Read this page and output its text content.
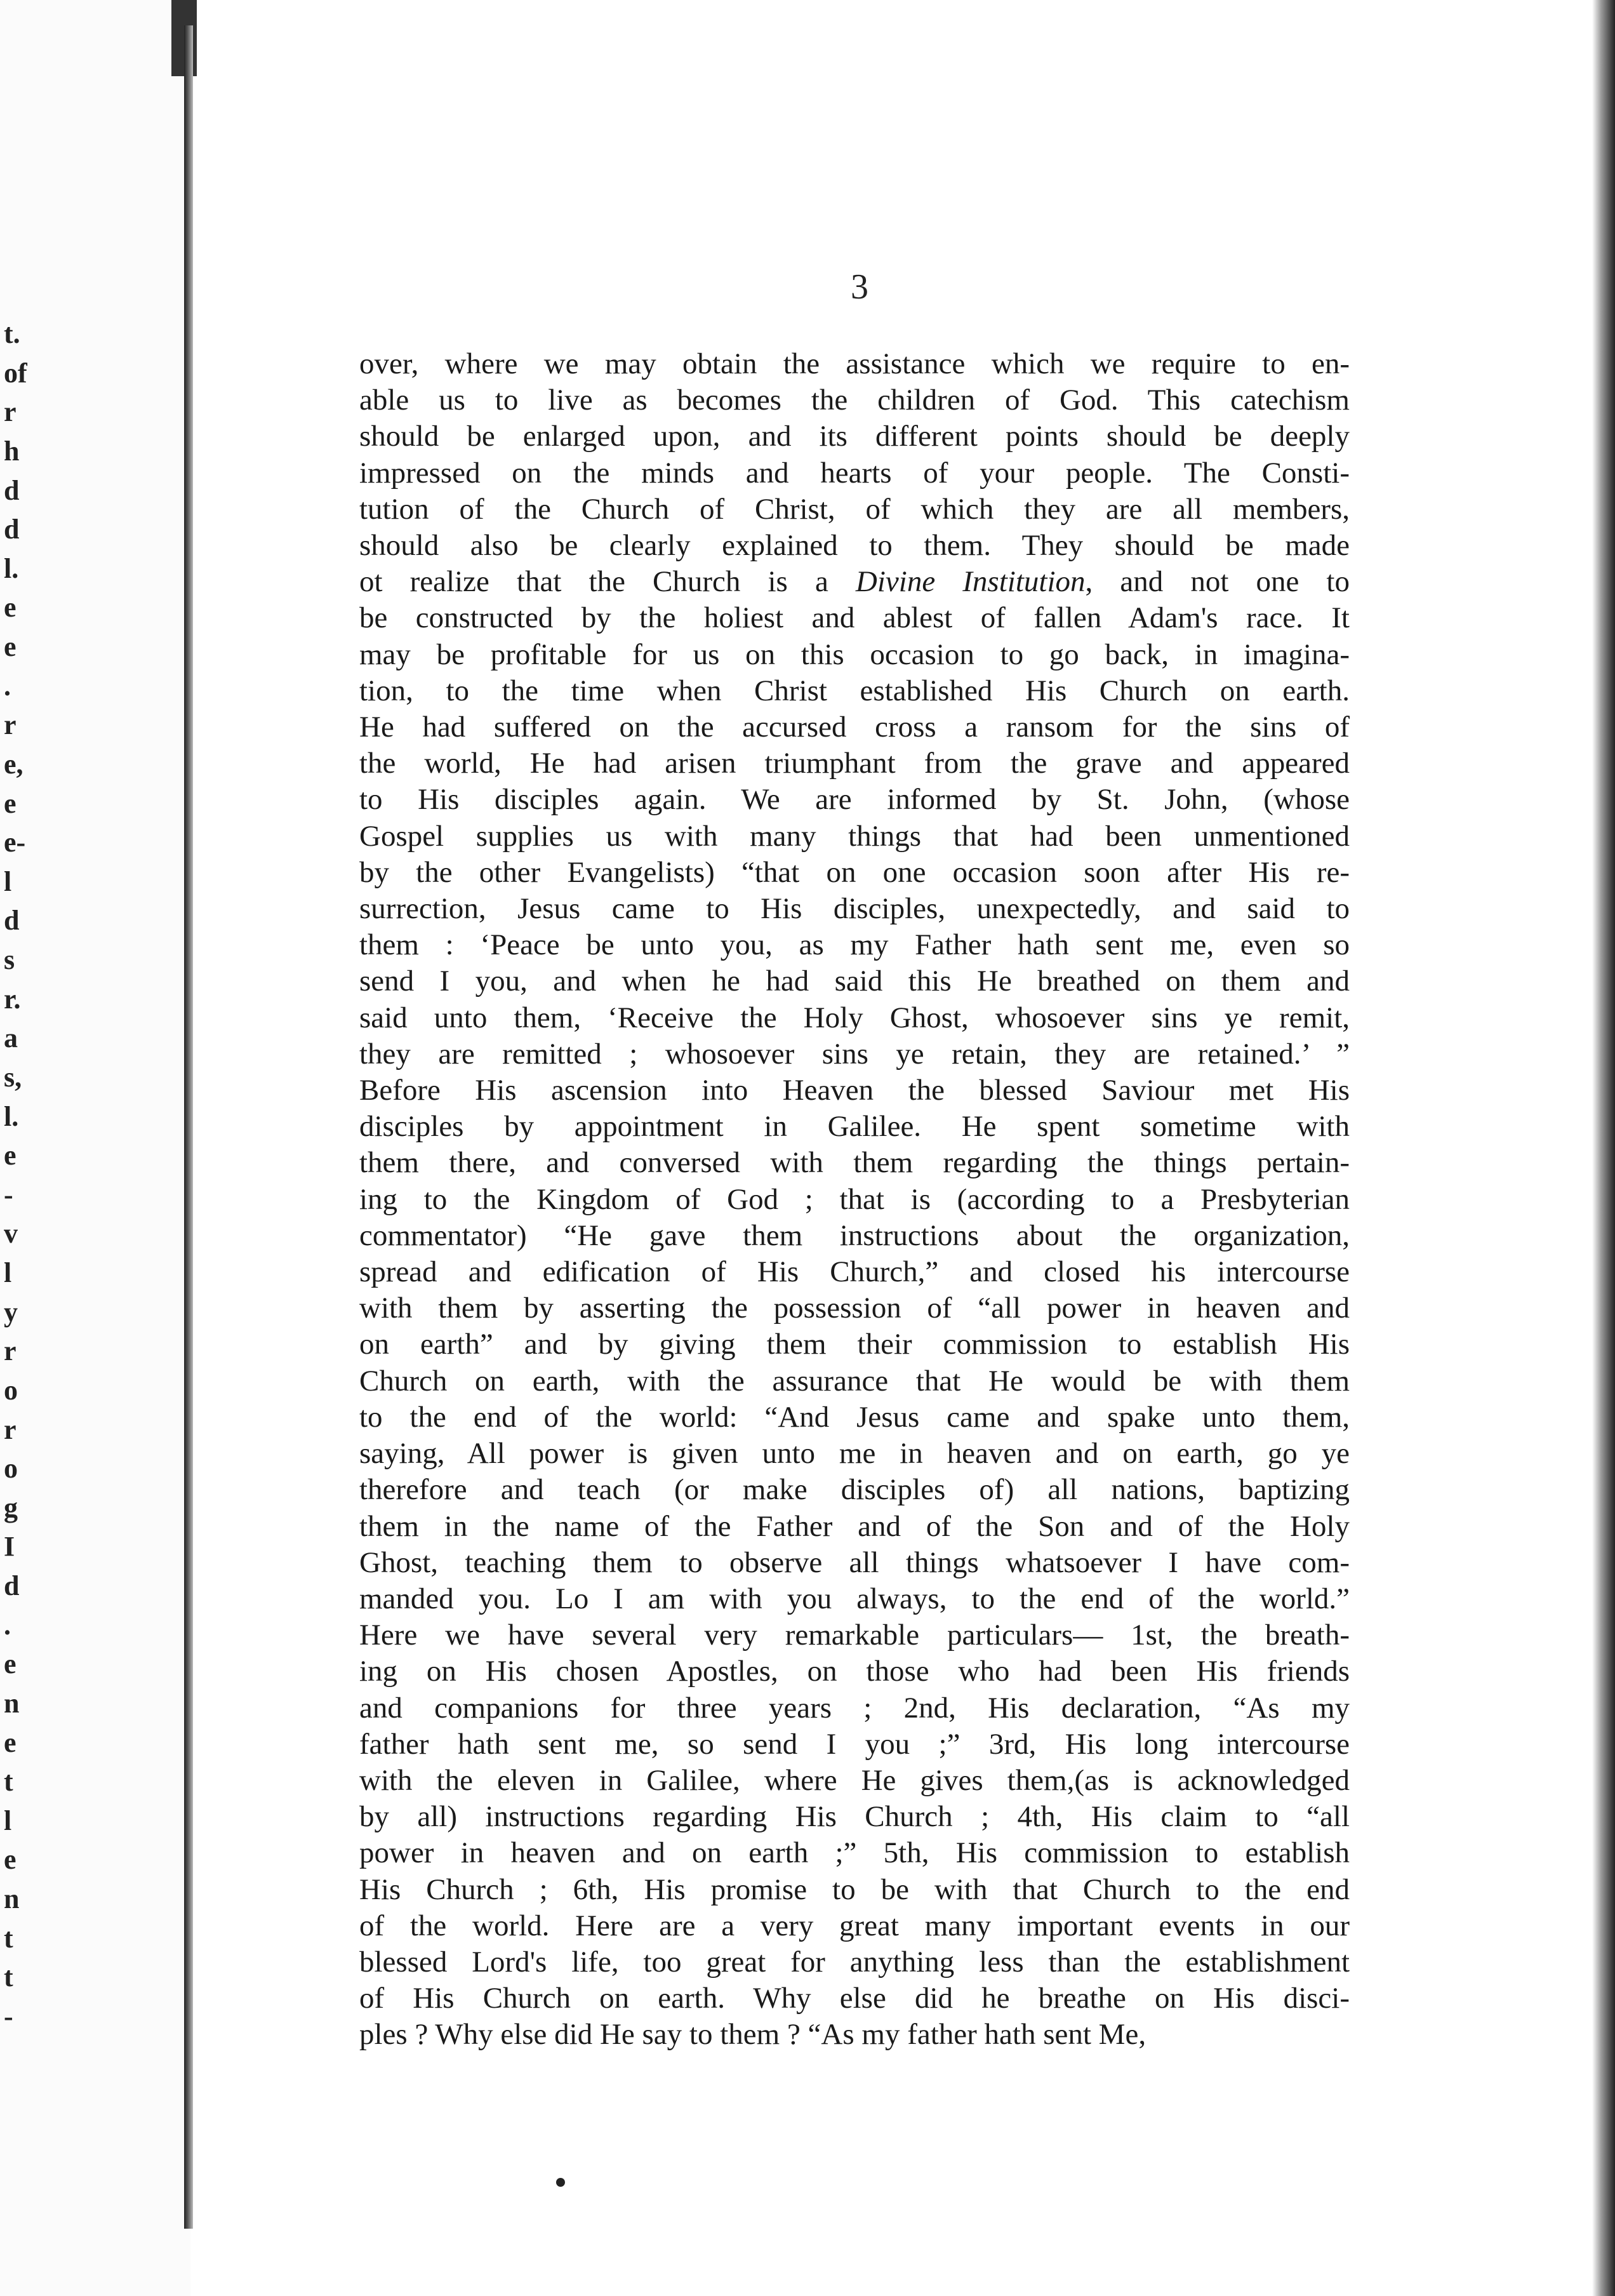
t.
of
r
h
d
d
l.
e
e
.
r
e,
e
e-
l
d
s
r.
a
s,
l.
e
-
v
l
y
r
o
r
o
g
I
d
.
e
n
e
t
l
e
n
t
t
-
3
over, where we may obtain the assistance which we require to en-
able us to live as becomes the children of God. This catechism
should be enlarged upon, and its different points should be deeply
impressed on the minds and hearts of your people. The Consti-
tution of the Church of Christ, of which they are all members,
should also be clearly explained to them. They should be made
ot realize that the Church is a Divine Institution, and not one to
be constructed by the holiest and ablest of fallen Adam's race. It
may be profitable for us on this occasion to go back, in imagina-
tion, to the time when Christ established His Church on earth.
He had suffered on the accursed cross a ransom for the sins of
the world, He had arisen triumphant from the grave and appeared
to His disciples again. We are informed by St. John, (whose
Gospel supplies us with many things that had been unmentioned
by the other Evangelists) “that on one occasion soon after His re-
surrection, Jesus came to His disciples, unexpectedly, and said to
them : ‘Peace be unto you, as my Father hath sent me, even so
send I you, and when he had said this He breathed on them and
said unto them, ‘Receive the Holy Ghost, whosoever sins ye remit,
they are remitted ; whosoever sins ye retain, they are retained.’ ”
Before His ascension into Heaven the blessed Saviour met His
disciples by appointment in Galilee. He spent sometime with
them there, and conversed with them regarding the things pertain-
ing to the Kingdom of God ; that is (according to a Presbyterian
commentator) “He gave them instructions about the organization,
spread and edification of His Church,” and closed his intercourse
with them by asserting the possession of “all power in heaven and
on earth” and by giving them their commission to establish His
Church on earth, with the assurance that He would be with them
to the end of the world: “And Jesus came and spake unto them,
saying, All power is given unto me in heaven and on earth, go ye
therefore and teach (or make disciples of) all nations, baptizing
them in the name of the Father and of the Son and of the Holy
Ghost, teaching them to observe all things whatsoever I have com-
manded you. Lo I am with you always, to the end of the world.”
Here we have several very remarkable particulars— 1st, the breath-
ing on His chosen Apostles, on those who had been His friends
and companions for three years ; 2nd, His declaration, “As my
father hath sent me, so send I you ;” 3rd, His long intercourse
with the eleven in Galilee, where He gives them,(as is acknowledged
by all) instructions regarding His Church ; 4th, His claim to “all
power in heaven and on earth ;” 5th, His commission to establish
His Church ; 6th, His promise to be with that Church to the end
of the world. Here are a very great many important events in our
blessed Lord's life, too great for anything less than the establishment
of His Church on earth. Why else did he breathe on His disci-
ples ? Why else did He say to them ? “As my father hath sent Me,
